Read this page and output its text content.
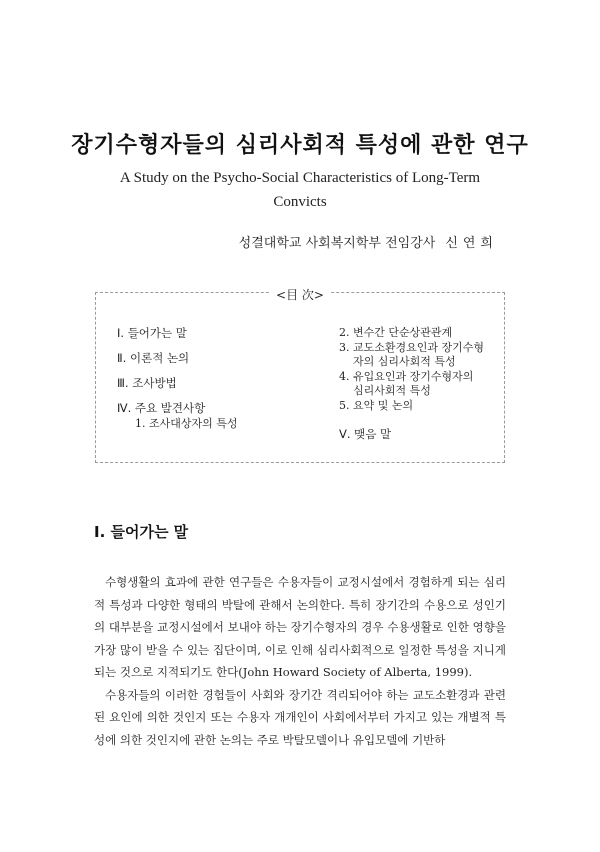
장기수형자들의 심리사회적 특성에 관한 연구
A Study on the Psycho-Social Characteristics of Long-Term
Convicts
성결대학교 사회복지학부 전임강사 신연희
<目 次>
Ⅰ. 들어가는 말
Ⅱ. 이론적 논의
Ⅲ. 조사방법
Ⅳ. 주요 발견사항
1. 조사대상자의 특성
2. 변수간 단순상관관계
3. 교도소환경요인과 장기수형
자의 심리사회적 특성
4. 유입요인과 장기수형자의
심리사회적 특성
5. 요약 및 논의
Ⅴ. 맺음 말
Ⅰ. 들어가는 말

수형생활의 효과에 관한 연구들은 수용자들이 교정시설에서 경험하게 되는 심리적 특성과 다양한 형태의 박탈에 관해서 논의한다. 특히 장기간의 수용으로 성인기의 대부분을 교정시설에서 보내야 하는 장기수형자의 경우 수용생활로 인한 영향을 가장 많이 받을 수 있는 집단이며, 이로 인해 심리사회적으로 일정한 특성을 지니게 되는 것으로 지적되기도 한다(John Howard Society of Alberta, 1999).

수용자들의 이러한 경험들이 사회와 장기간 격리되어야 하는 교도소환경과 관련된 요인에 의한 것인지 또는 수용자 개개인이 사회에서부터 가지고 있는 개별적 특성에 의한 것인지에 관한 논의는 주로 박탈모델이나 유입모델에 기반하
